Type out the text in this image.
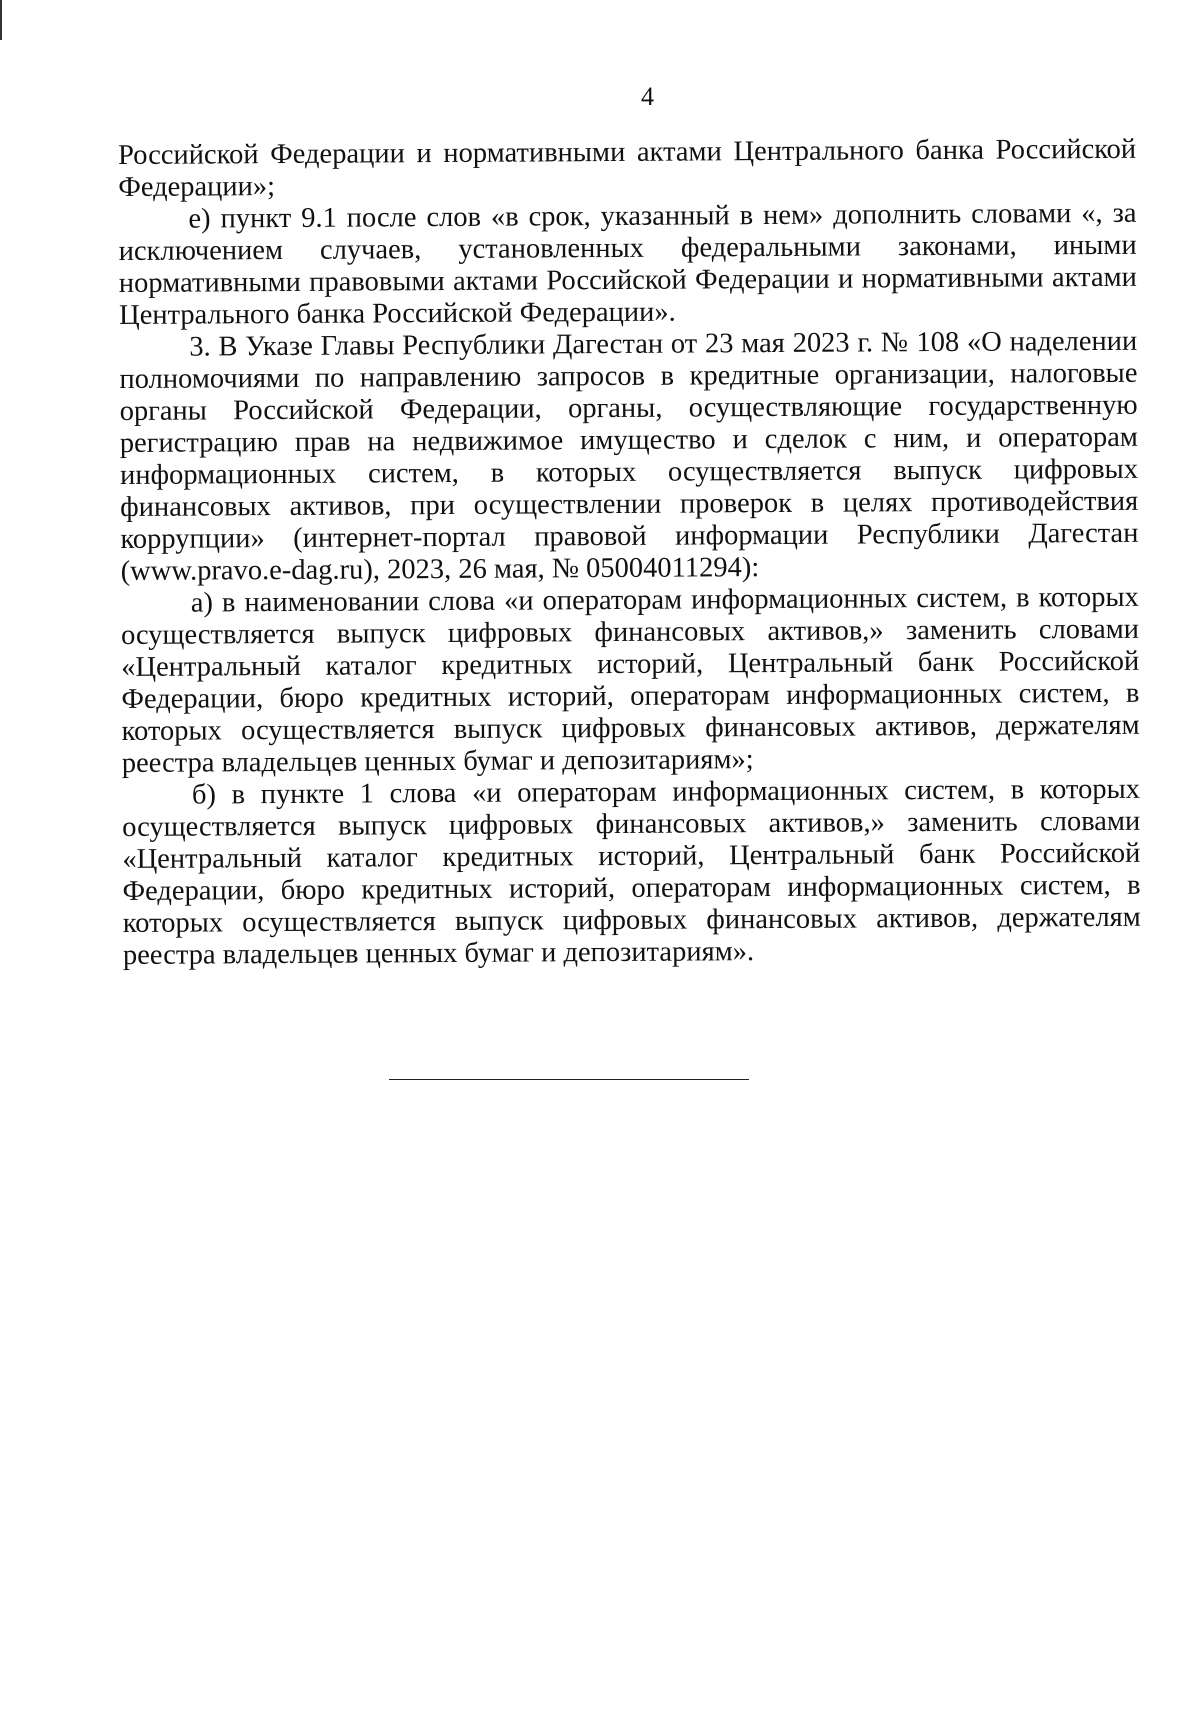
4

Российской Федерации и нормативными актами Центрального банка Российской Федерации»;

е) пункт 9.1 после слов «в срок, указанный в нем» дополнить словами «, за исключением случаев, установленных федеральными законами, иными нормативными правовыми актами Российской Федерации и нормативными актами Центрального банка Российской Федерации».

3. В Указе Главы Республики Дагестан от 23 мая 2023 г. № 108 «О наделении полномочиями по направлению запросов в кредитные организации, налоговые органы Российской Федерации, органы, осуществляющие государственную регистрацию прав на недвижимое имущество и сделок с ним, и операторам информационных систем, в которых осуществляется выпуск цифровых финансовых активов, при осуществлении проверок в целях противодействия коррупции» (интернет-портал правовой информации Республики Дагестан (www.pravo.e-dag.ru), 2023, 26 мая, № 05004011294):

а) в наименовании слова «и операторам информационных систем, в которых осуществляется выпуск цифровых финансовых активов,» заменить словами «Центральный каталог кредитных историй, Центральный банк Российской Федерации, бюро кредитных историй, операторам информационных систем, в которых осуществляется выпуск цифровых финансовых активов, держателям реестра владельцев ценных бумаг и депозитариям»;

б) в пункте 1 слова «и операторам информационных систем, в которых осуществляется выпуск цифровых финансовых активов,» заменить словами «Центральный каталог кредитных историй, Центральный банк Российской Федерации, бюро кредитных историй, операторам информационных систем, в которых осуществляется выпуск цифровых финансовых активов, держателям реестра владельцев ценных бумаг и депозитариям».
